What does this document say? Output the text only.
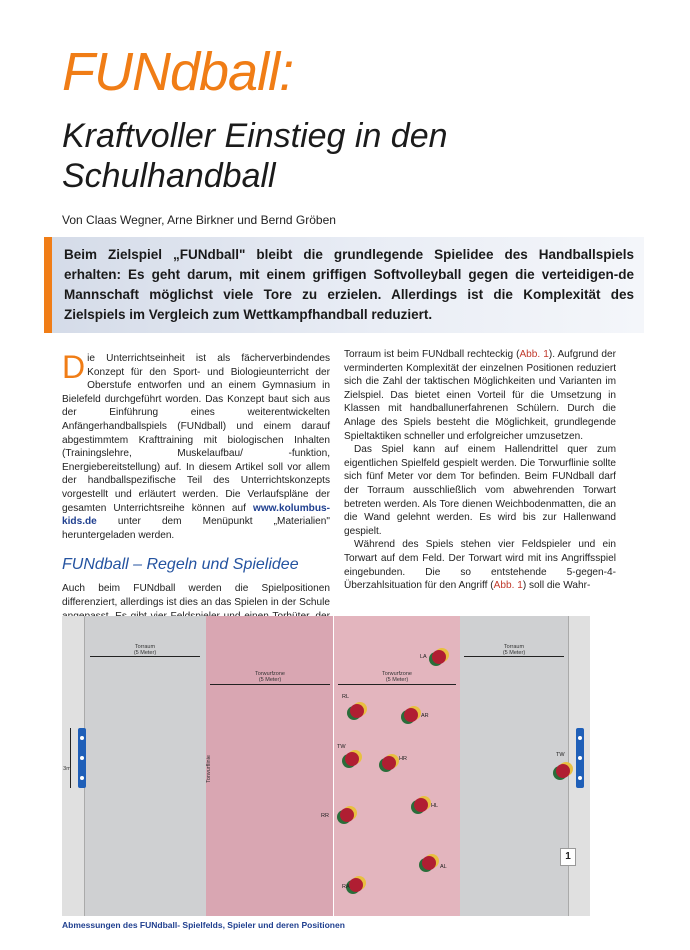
FUNdball:
Kraftvoller Einstieg in den
Schulhandball
Von Claas Wegner, Arne Birkner und Bernd Gröben
Beim Zielspiel „FUNdball" bleibt die grundlegende Spielidee des Handballspiels erhalten: Es geht darum, mit einem griffigen Softvolleyball gegen die verteidigen-de Mannschaft möglichst viele Tore zu erzielen. Allerdings ist die Komplexität des Zielspiels im Vergleich zum Wettkampfhandball reduziert.

Die Unterrichtseinheit ist als fächerverbindendes Konzept für den Sport- und Biologieunterricht der Oberstufe entworfen und an einem Gymnasium in Bielefeld durchgeführt worden. Das Konzept baut sich aus der Einführung eines weiterentwickelten Anfängerhandballspiels (FUNdball) und einem darauf abgestimmtem Krafttraining mit biologischen Inhalten (Trainingslehre, Muskelaufbau/ -funktion, Energiebereitstellung) auf. In diesem Artikel soll vor allem der handballspezifische Teil des Unterrichtskonzepts vorgestellt und erläutert werden. Die Verlaufspläne der gesamten Unterrichtsreihe können auf www.kolumbus-kids.de unter dem Menüpunkt „Materialien" heruntergeladen werden.

FUNdball – Regeln und Spielidee

Auch beim FUNdball werden die Spielpositionen differenziert, allerdings ist dies an das Spielen in der Schule

Torraum ist beim FUNdball rechteckig (Abb. 1). Aufgrund der verminderten Komplexität der einzelnen Positionen reduziert sich die Zahl der taktischen Möglichkeiten und Varianten im Zielspiel. Das bietet einen Vorteil für die Umsetzung in Klassen mit handballunerfahrenen Schülern. Durch die Anlage des Spiels besteht die Möglichkeit, grundlegende Spieltaktiken schneller und erfolgreicher umzusetzen.

Das Spiel kann auf einem Hallendrittel quer zum eigentlichen Spielfeld gespielt werden. Die Torwurflinie sollte sich fünf Meter vor dem Tor befinden. Beim FUNdball darf der Torraum ausschließlich vom abwehrenden Torwart betreten werden. Als Tore dienen Weichbodenmatten, die an die Wand gelehnt werden. Es wird bis zur Hallenwand gespielt.

Während des Spiels stehen vier Feldspieler und ein Torwart auf dem Feld. Der Torwart wird mit ins Angriffsspiel eingebunden. Die so entstehende 5-gegen-4-Überzahlsituation für den Angriff (Abb. 1) soll die Wahr-

Torraum
(5 Meter)
Torwurfzone
(5 Meter)
Torwurfzone
(5 Meter)
Torraum
(5 Meter)
3m	Torwurflinie
LA
RL
AR
TW
HR
RR
HL
AL
RA
TW
1
Abmessungen des FUNdball- Spielfelds, Spieler und deren Positionen
